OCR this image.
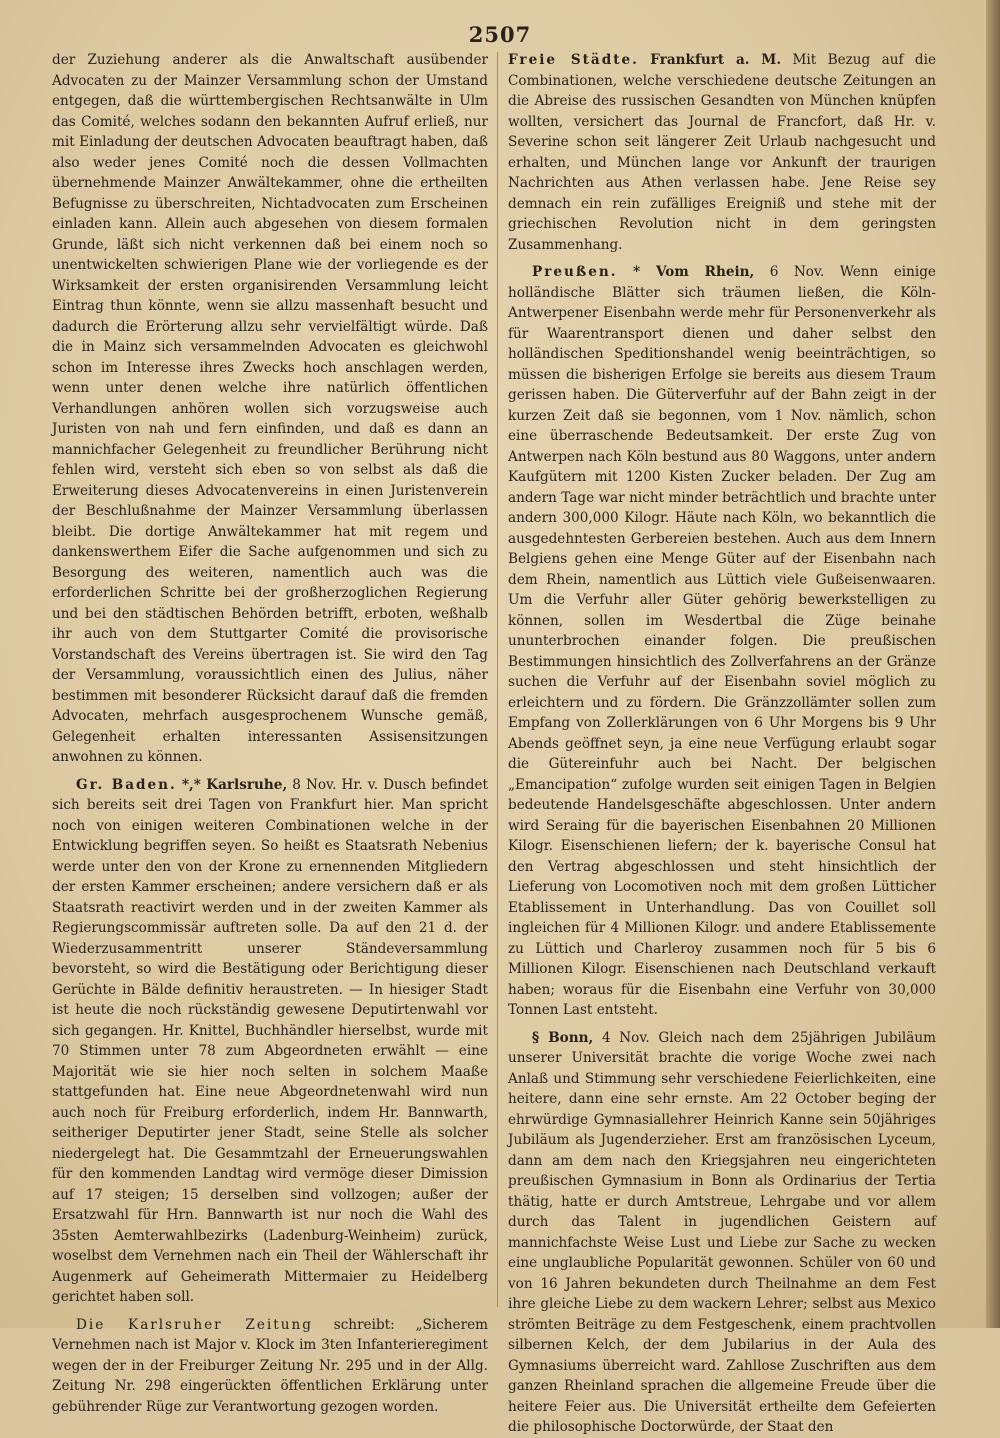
2507

der Zuziehung anderer als die Anwaltschaft ausübender Advocaten zu der Mainzer Versammlung schon der Umstand entgegen, daß die württembergischen Rechtsanwälte in Ulm das Comité, welches sodann den bekannten Aufruf erließ, nur mit Einladung der deutschen Advocaten beauftragt haben, daß also weder jenes Comité noch die dessen Vollmachten übernehmende Mainzer Anwältekammer, ohne die ertheilten Befugnisse zu überschreiten, Nichtadvocaten zum Erscheinen einladen kann. Allein auch abgesehen von diesem formalen Grunde, läßt sich nicht verkennen daß bei einem noch so unentwickelten schwierigen Plane wie der vorliegende es der Wirksamkeit der ersten organisirenden Versammlung leicht Eintrag thun könnte, wenn sie allzu massenhaft besucht und dadurch die Erörterung allzu sehr vervielfältigt würde. Daß die in Mainz sich versammelnden Advocaten es gleichwohl schon im Interesse ihres Zwecks hoch anschlagen werden, wenn unter denen welche ihre natürlich öffentlichen Verhandlungen anhören wollen sich vorzugsweise auch Juristen von nah und fern einfinden, und daß es dann an mannichfacher Gelegenheit zu freundlicher Berührung nicht fehlen wird, versteht sich eben so von selbst als daß die Erweiterung dieses Advocatenvereins in einen Juristenverein der Beschlußnahme der Mainzer Versammlung überlassen bleibt. Die dortige Anwältekammer hat mit regem und dankenswerthem Eifer die Sache aufgenommen und sich zu Besorgung des weiteren, namentlich auch was die erforderlichen Schritte bei der großherzoglichen Regierung und bei den städtischen Behörden betrifft, erboten, weßhalb ihr auch von dem Stuttgarter Comité die provisorische Vorstandschaft des Vereins übertragen ist. Sie wird den Tag der Versammlung, voraussichtlich einen des Julius, näher bestimmen mit besonderer Rücksicht darauf daß die fremden Advocaten, mehrfach ausgesprochenem Wunsche gemäß, Gelegenheit erhalten interessanten Assisensitzungen anwohnen zu können.

Gr. Baden. *,* Karlsruhe, 8 Nov. Hr. v. Dusch befindet sich bereits seit drei Tagen von Frankfurt hier. Man spricht noch von einigen weiteren Combinationen welche in der Entwicklung begriffen seyen. So heißt es Staatsrath Nebenius werde unter den von der Krone zu ernennenden Mitgliedern der ersten Kammer erscheinen; andere versichern daß er als Staatsrath reactivirt werden und in der zweiten Kammer als Regierungscommissär auftreten solle. Da auf den 21 d. der Wiederzusammentritt unserer Ständeversammlung bevorsteht, so wird die Bestätigung oder Berichtigung dieser Gerüchte in Bälde definitiv heraustreten. — In hiesiger Stadt ist heute die noch rückständig gewesene Deputirtenwahl vor sich gegangen. Hr. Knittel, Buchhändler hierselbst, wurde mit 70 Stimmen unter 78 zum Abgeordneten erwählt — eine Majorität wie sie hier noch selten in solchem Maaße stattgefunden hat. Eine neue Abgeordnetenwahl wird nun auch noch für Freiburg erforderlich, indem Hr. Bannwarth, seitheriger Deputirter jener Stadt, seine Stelle als solcher niedergelegt hat. Die Gesammtzahl der Erneuerungswahlen für den kommenden Landtag wird vermöge dieser Dimission auf 17 steigen; 15 derselben sind vollzogen; außer der Ersatzwahl für Hrn. Bannwarth ist nur noch die Wahl des 35sten Aemterwahlbezirks (Ladenburg-Weinheim) zurück, woselbst dem Vernehmen nach ein Theil der Wählerschaft ihr Augenmerk auf Geheimerath Mittermaier zu Heidelberg gerichtet haben soll.

Die Karlsruher Zeitung schreibt: „Sicherem Vernehmen nach ist Major v. Klock im 3ten Infanterieregiment wegen der in der Freiburger Zeitung Nr. 295 und in der Allg. Zeitung Nr. 298 eingerückten öffentlichen Erklärung unter gebührender Rüge zur Verantwortung gezogen worden.

Freie Städte. Frankfurt a. M. Mit Bezug auf die Combinationen, welche verschiedene deutsche Zeitungen an die Abreise des russischen Gesandten von München knüpfen wollten, versichert das Journal de Francfort, daß Hr. v. Severine schon seit längerer Zeit Urlaub nachgesucht und erhalten, und München lange vor Ankunft der traurigen Nachrichten aus Athen verlassen habe. Jene Reise sey demnach ein rein zufälliges Ereigniß und stehe mit der griechischen Revolution nicht in dem geringsten Zusammenhang.

Preußen. * Vom Rhein, 6 Nov. Wenn einige holländische Blätter sich träumen ließen, die Köln-Antwerpener Eisenbahn werde mehr für Personenverkehr als für Waarentransport dienen und daher selbst den holländischen Speditionshandel wenig beeinträchtigen, so müssen die bisherigen Erfolge sie bereits aus diesem Traum gerissen haben. Die Güterverfuhr auf der Bahn zeigt in der kurzen Zeit daß sie begonnen, vom 1 Nov. nämlich, schon eine überraschende Bedeutsamkeit. Der erste Zug von Antwerpen nach Köln bestund aus 80 Waggons, unter andern Kaufgütern mit 1200 Kisten Zucker beladen. Der Zug am andern Tage war nicht minder beträchtlich und brachte unter andern 300,000 Kilogr. Häute nach Köln, wo bekanntlich die ausgedehntesten Gerbereien bestehen. Auch aus dem Innern Belgiens gehen eine Menge Güter auf der Eisenbahn nach dem Rhein, namentlich aus Lüttich viele Gußeisenwaaren. Um die Verfuhr aller Güter gehörig bewerkstelligen zu können, sollen im Wesdertbal die Züge beinahe ununterbrochen einander folgen. Die preußischen Bestimmungen hinsichtlich des Zollverfahrens an der Gränze suchen die Verfuhr auf der Eisenbahn soviel möglich zu erleichtern und zu fördern. Die Gränzzollämter sollen zum Empfang von Zollerklärungen von 6 Uhr Morgens bis 9 Uhr Abends geöffnet seyn, ja eine neue Verfügung erlaubt sogar die Gütereinfuhr auch bei Nacht. Der belgischen „Emancipation“ zufolge wurden seit einigen Tagen in Belgien bedeutende Handelsgeschäfte abgeschlossen. Unter andern wird Seraing für die bayerischen Eisenbahnen 20 Millionen Kilogr. Eisenschienen liefern; der k. bayerische Consul hat den Vertrag abgeschlossen und steht hinsichtlich der Lieferung von Locomotiven noch mit dem großen Lütticher Etablissement in Unterhandlung. Das von Couillet soll ingleichen für 4 Millionen Kilogr. und andere Etablissemente zu Lüttich und Charleroy zusammen noch für 5 bis 6 Millionen Kilogr. Eisenschienen nach Deutschland verkauft haben; woraus für die Eisenbahn eine Verfuhr von 30,000 Tonnen Last entsteht.

§ Bonn, 4 Nov. Gleich nach dem 25jährigen Jubiläum unserer Universität brachte die vorige Woche zwei nach Anlaß und Stimmung sehr verschiedene Feierlichkeiten, eine heitere, dann eine sehr ernste. Am 22 October beging der ehrwürdige Gymnasiallehrer Heinrich Kanne sein 50jähriges Jubiläum als Jugenderzieher. Erst am französischen Lyceum, dann am dem nach den Kriegsjahren neu eingerichteten preußischen Gymnasium in Bonn als Ordinarius der Tertia thätig, hatte er durch Amtstreue, Lehrgabe und vor allem durch das Talent in jugendlichen Geistern auf mannichfachste Weise Lust und Liebe zur Sache zu wecken eine unglaubliche Popularität gewonnen. Schüler von 60 und von 16 Jahren bekundeten durch Theilnahme an dem Fest ihre gleiche Liebe zu dem wackern Lehrer; selbst aus Mexico strömten Beiträge zu dem Festgeschenk, einem prachtvollen silbernen Kelch, der dem Jubilarius in der Aula des Gymnasiums überreicht ward. Zahllose Zuschriften aus dem ganzen Rheinland sprachen die allgemeine Freude über die heitere Feier aus. Die Universität ertheilte dem Gefeierten die philosophische Doctorwürde, der Staat den
